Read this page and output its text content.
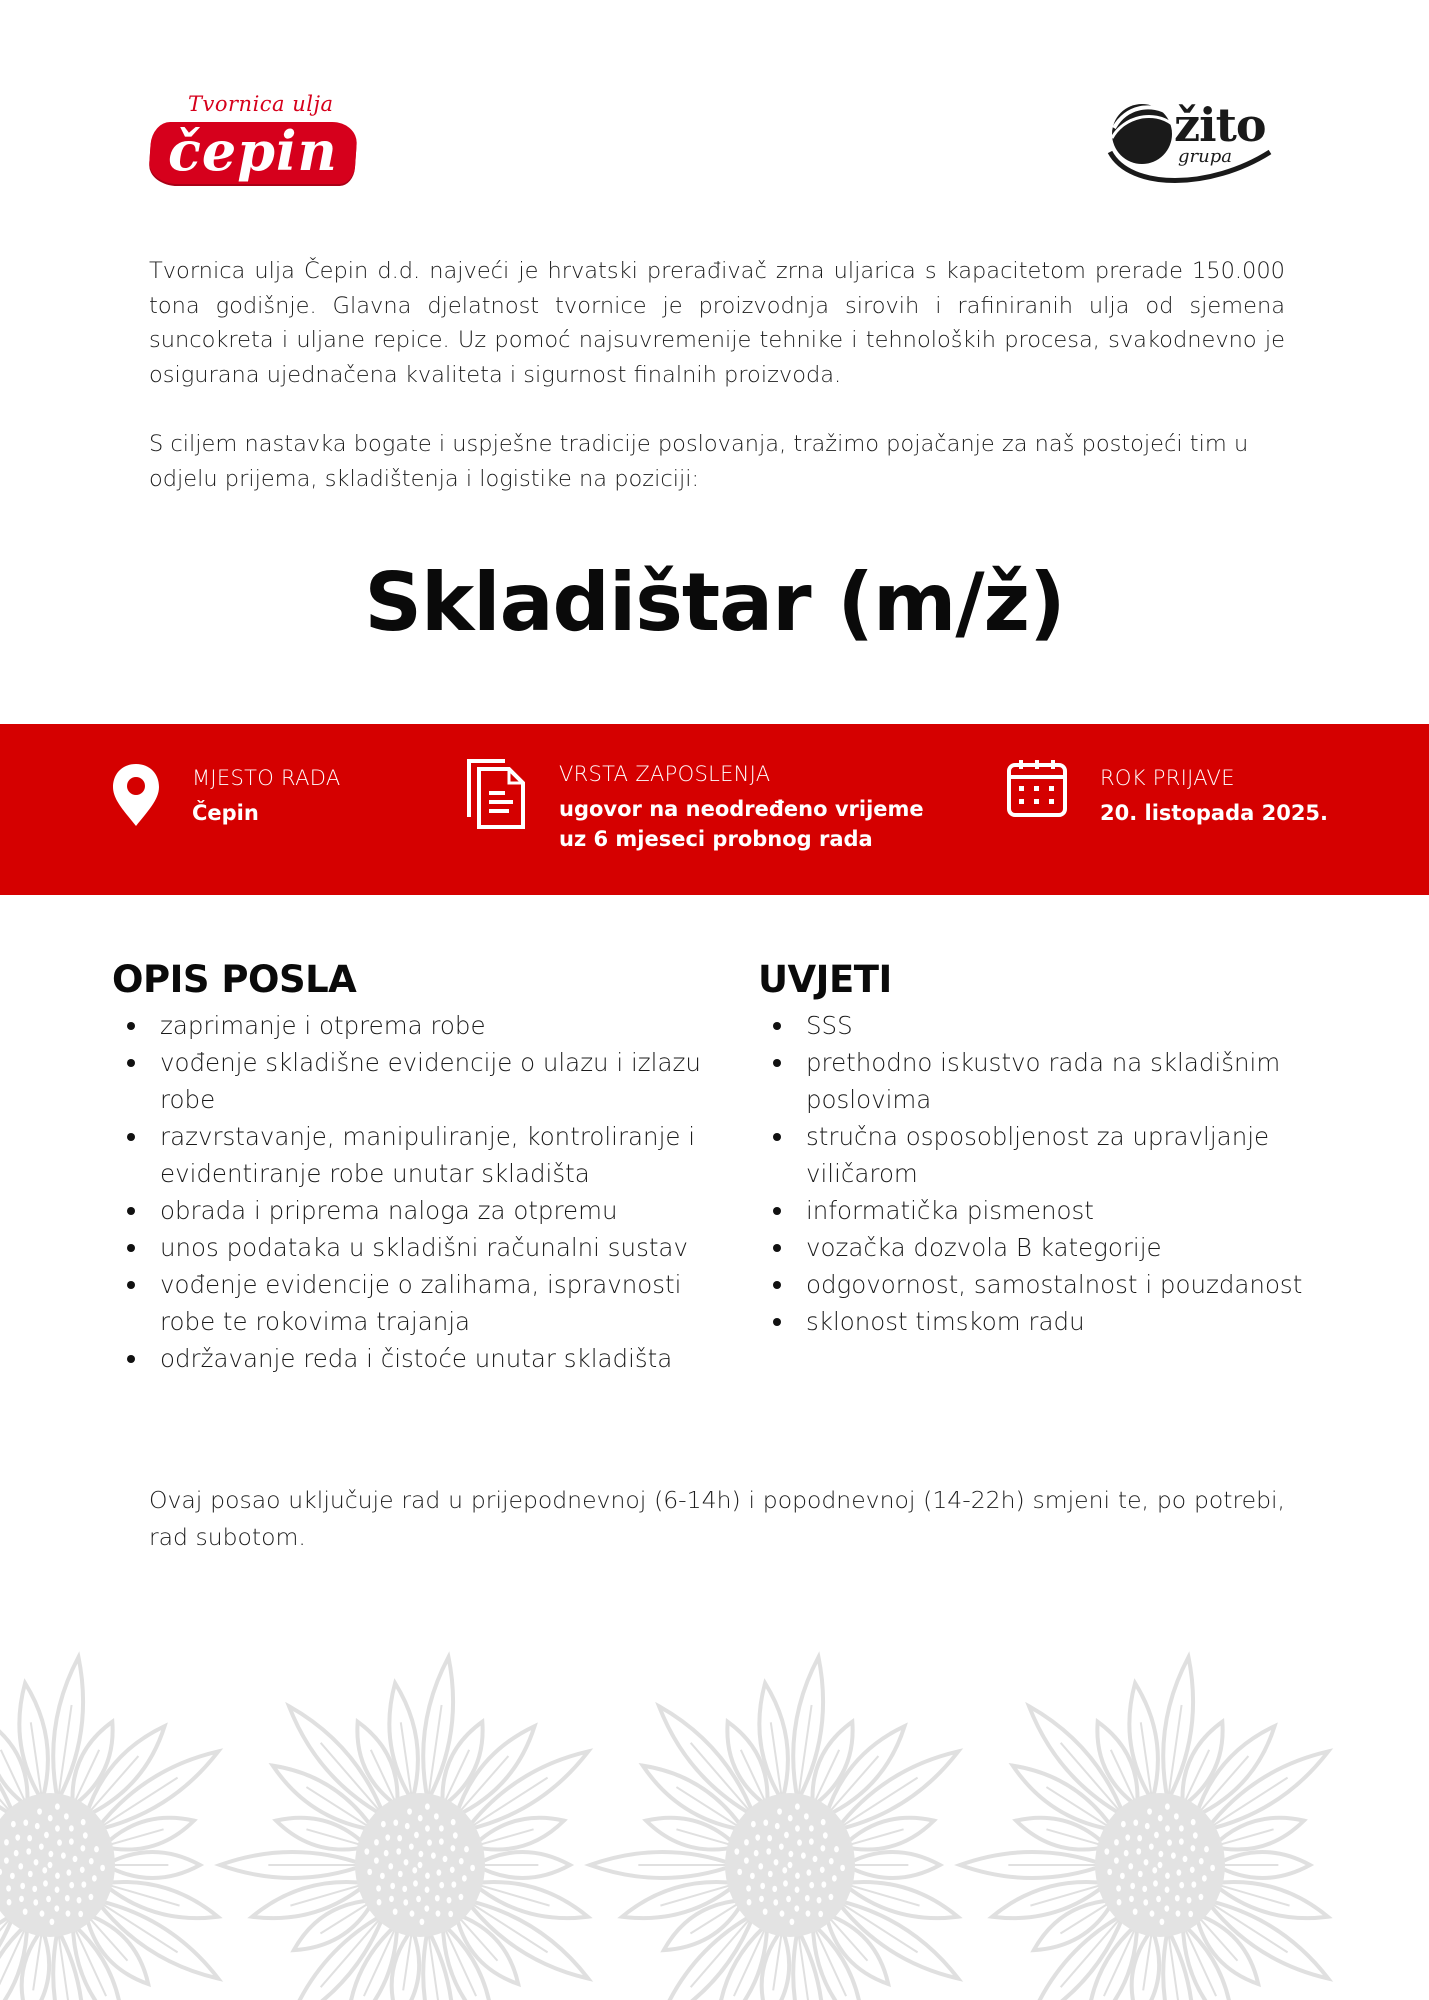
Tvornica ulja
čepin	žito
grupa

Tvornica ulja Čepin d.d. najveći je hrvatski prerađivač zrna uljarica s kapacitetom prerade 150.000 tona godišnje. Glavna djelatnost tvornice je proizvodnja sirovih i rafiniranih ulja od sjemena suncokreta i uljane repice. Uz pomoć najsuvremenije tehnike i tehnoloških procesa, svakodnevno je osigurana ujednačena kvaliteta i sigurnost finalnih proizvoda.

S ciljem nastavka bogate i uspješne tradicije poslovanja, tražimo pojačanje za naš postojeći tim u odjelu prijema, skladištenja i logistike na poziciji:

Skladištar (m/ž)
MJESTO RADA
Čepin
VRSTA ZAPOSLENJA
ugovor na neodređeno vrijeme
uz 6 mjeseci probnog rada
ROK PRIJAVE
20. listopada 2025.
OPIS POSLA
zaprimanje i otprema robe
vođenje skladišne evidencije o ulazu i izlazu robe
razvrstavanje, manipuliranje, kontroliranje i evidentiranje robe unutar skladišta
obrada i priprema naloga za otpremu
unos podataka u skladišni računalni sustav
vođenje evidencije o zalihama, ispravnosti robe te rokovima trajanja
održavanje reda i čistoće unutar skladišta
UVJETI
SSS
prethodno iskustvo rada na skladišnim poslovima
stručna osposobljenost za upravljanje viličarom
informatička pismenost
vozačka dozvola B kategorije
odgovornost, samostalnost i pouzdanost
sklonost timskom radu
Ovaj posao uključuje rad u prijepodnevnoj (6-14h) i popodnevnoj (14-22h) smjeni te, po potrebi, rad subotom.
